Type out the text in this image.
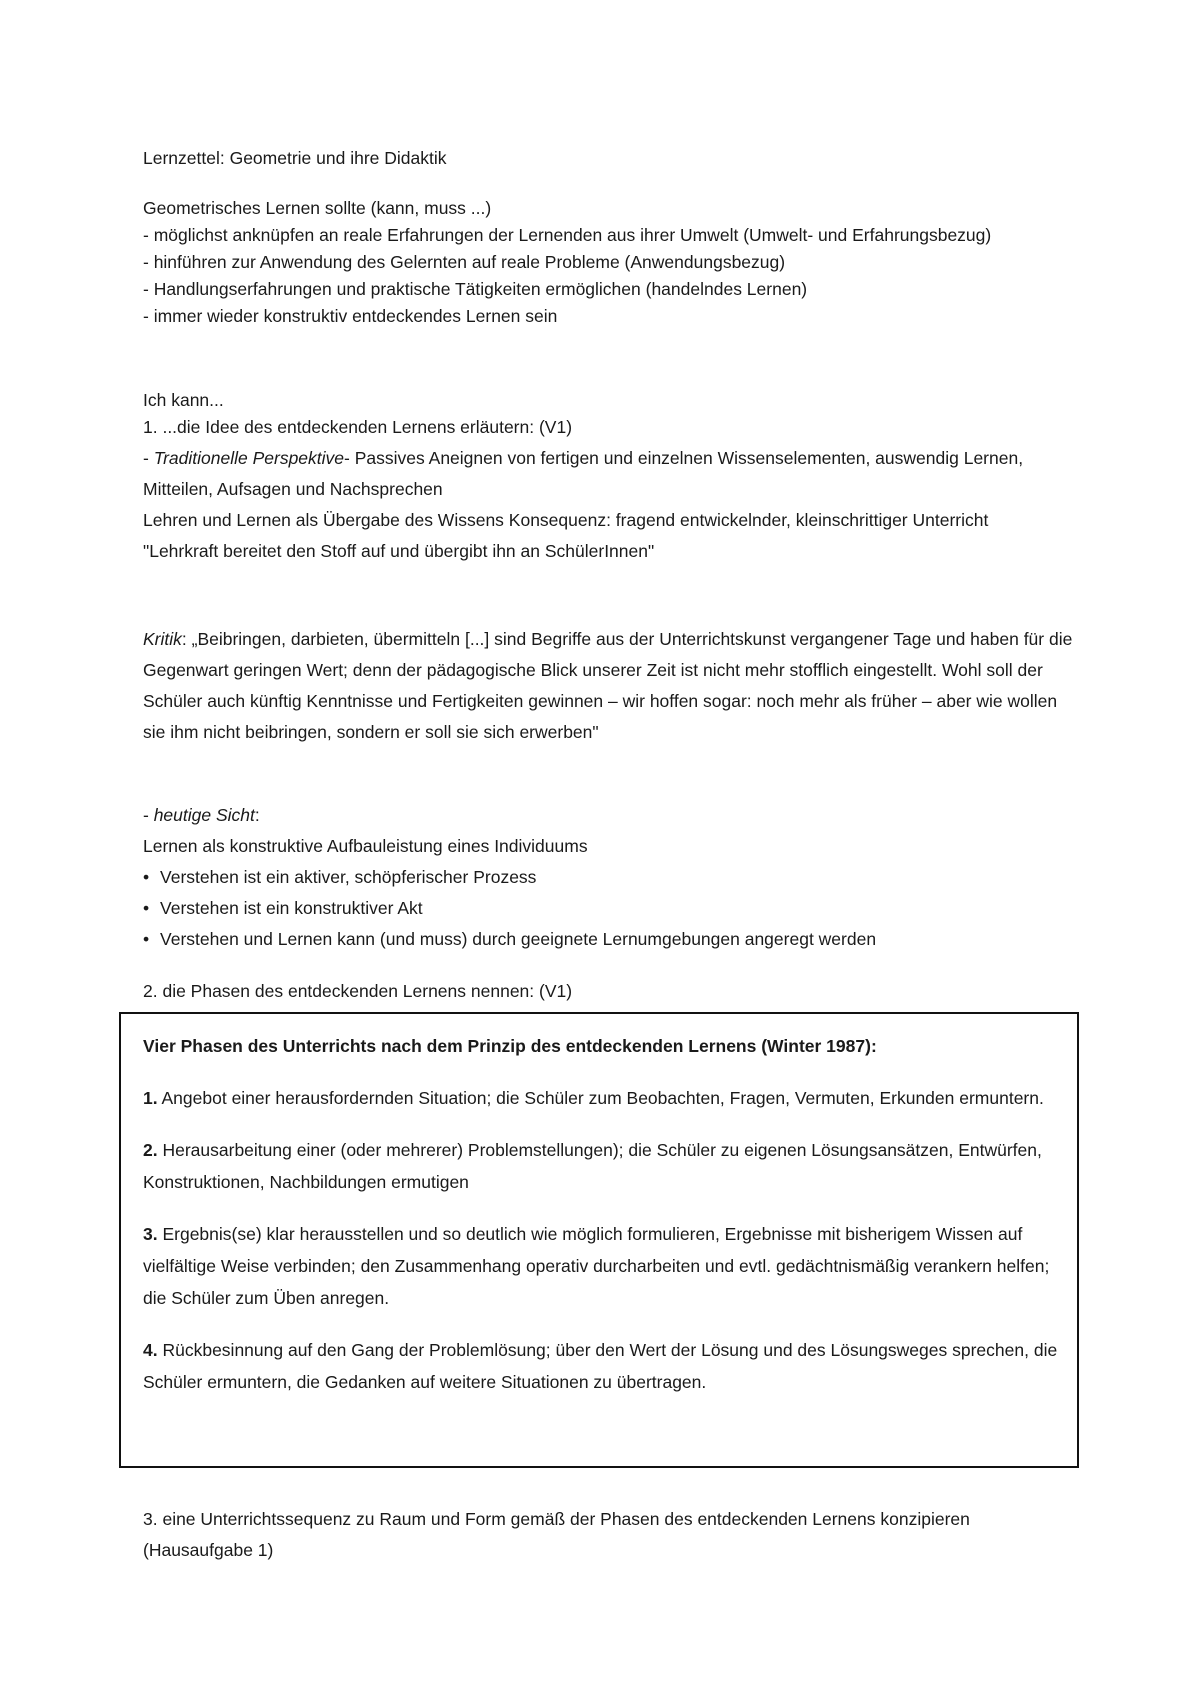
Lernzettel: Geometrie und ihre Didaktik
Geometrisches Lernen sollte (kann, muss ...)
- möglichst anknüpfen an reale Erfahrungen der Lernenden aus ihrer Umwelt (Umwelt- und Erfahrungsbezug)
- hinführen zur Anwendung des Gelernten auf reale Probleme (Anwendungsbezug)
- Handlungserfahrungen und praktische Tätigkeiten ermöglichen (handelndes Lernen)
- immer wieder konstruktiv entdeckendes Lernen sein
Ich kann...
1. ...die Idee des entdeckenden Lernens erläutern: (V1)
- Traditionelle Perspektive- Passives Aneignen von fertigen und einzelnen Wissenselementen, auswendig Lernen, Mitteilen, Aufsagen und Nachsprechen
Lehren und Lernen als Übergabe des Wissens Konsequenz: fragend entwickelnder, kleinschrittiger Unterricht
"Lehrkraft bereitet den Stoff auf und übergibt ihn an SchülerInnen"
Kritik: „Beibringen, darbieten, übermitteln [...] sind Begriffe aus der Unterrichtskunst vergangener Tage und haben für die Gegenwart geringen Wert; denn der pädagogische Blick unserer Zeit ist nicht mehr stofflich eingestellt. Wohl soll der Schüler auch künftig Kenntnisse und Fertigkeiten gewinnen – wir hoffen sogar: noch mehr als früher – aber wie wollen sie ihm nicht beibringen, sondern er soll sie sich erwerben"
- heutige Sicht:
Lernen als konstruktive Aufbauleistung eines Individuums
• Verstehen ist ein aktiver, schöpferischer Prozess
• Verstehen ist ein konstruktiver Akt
• Verstehen und Lernen kann (und muss) durch geeignete Lernumgebungen angeregt werden
2. die Phasen des entdeckenden Lernens nennen: (V1)

Vier Phasen des Unterrichts nach dem Prinzip des entdeckenden Lernens (Winter 1987):

1. Angebot einer herausfordernden Situation; die Schüler zum Beobachten, Fragen, Vermuten, Erkunden ermuntern.

2. Herausarbeitung einer (oder mehrerer) Problemstellungen); die Schüler zu eigenen Lösungsansätzen, Entwürfen, Konstruktionen, Nachbildungen ermutigen

3. Ergebnis(se) klar herausstellen und so deutlich wie möglich formulieren, Ergebnisse mit bisherigem Wissen auf vielfältige Weise verbinden; den Zusammenhang operativ durcharbeiten und evtl. gedächtnismäßig verankern helfen; die Schüler zum Üben anregen.

4. Rückbesinnung auf den Gang der Problemlösung; über den Wert der Lösung und des Lösungsweges sprechen, die Schüler ermuntern, die Gedanken auf weitere Situationen zu übertragen.

3. eine Unterrichtssequenz zu Raum und Form gemäß der Phasen des entdeckenden Lernens konzipieren (Hausaufgabe 1)
